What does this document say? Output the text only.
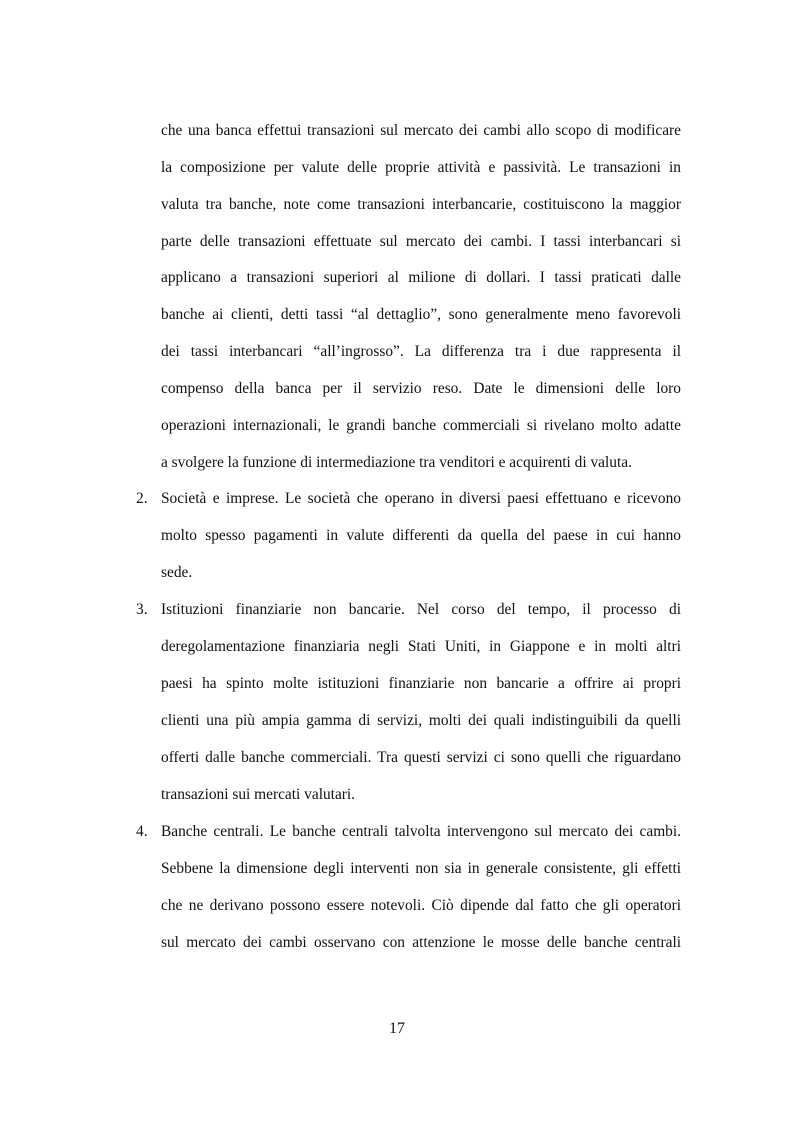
che una banca effettui transazioni sul mercato dei cambi allo scopo di modificare
la composizione per valute delle proprie attività e passività. Le transazioni in
valuta tra banche, note come transazioni interbancarie, costituiscono la maggior
parte delle transazioni effettuate sul mercato dei cambi. I tassi interbancari si
applicano a transazioni superiori al milione di dollari. I tassi praticati dalle
banche ai clienti, detti tassi “al dettaglio”, sono generalmente meno favorevoli
dei tassi interbancari “all’ingrosso”. La differenza tra i due rappresenta il
compenso della banca per il servizio reso. Date le dimensioni delle loro
operazioni internazionali, le grandi banche commerciali si rivelano molto adatte
a svolgere la funzione di intermediazione tra venditori e acquirenti di valuta.
2. Società e imprese. Le società che operano in diversi paesi effettuano e ricevono
molto spesso pagamenti in valute differenti da quella del paese in cui hanno
sede.
3. Istituzioni finanziarie non bancarie. Nel corso del tempo, il processo di
deregolamentazione finanziaria negli Stati Uniti, in Giappone e in molti altri
paesi ha spinto molte istituzioni finanziarie non bancarie a offrire ai propri
clienti una più ampia gamma di servizi, molti dei quali indistinguibili da quelli
offerti dalle banche commerciali. Tra questi servizi ci sono quelli che riguardano
transazioni sui mercati valutari.
4. Banche centrali. Le banche centrali talvolta intervengono sul mercato dei cambi.
Sebbene la dimensione degli interventi non sia in generale consistente, gli effetti
che ne derivano possono essere notevoli. Ciò dipende dal fatto che gli operatori
sul mercato dei cambi osservano con attenzione le mosse delle banche centrali
17
